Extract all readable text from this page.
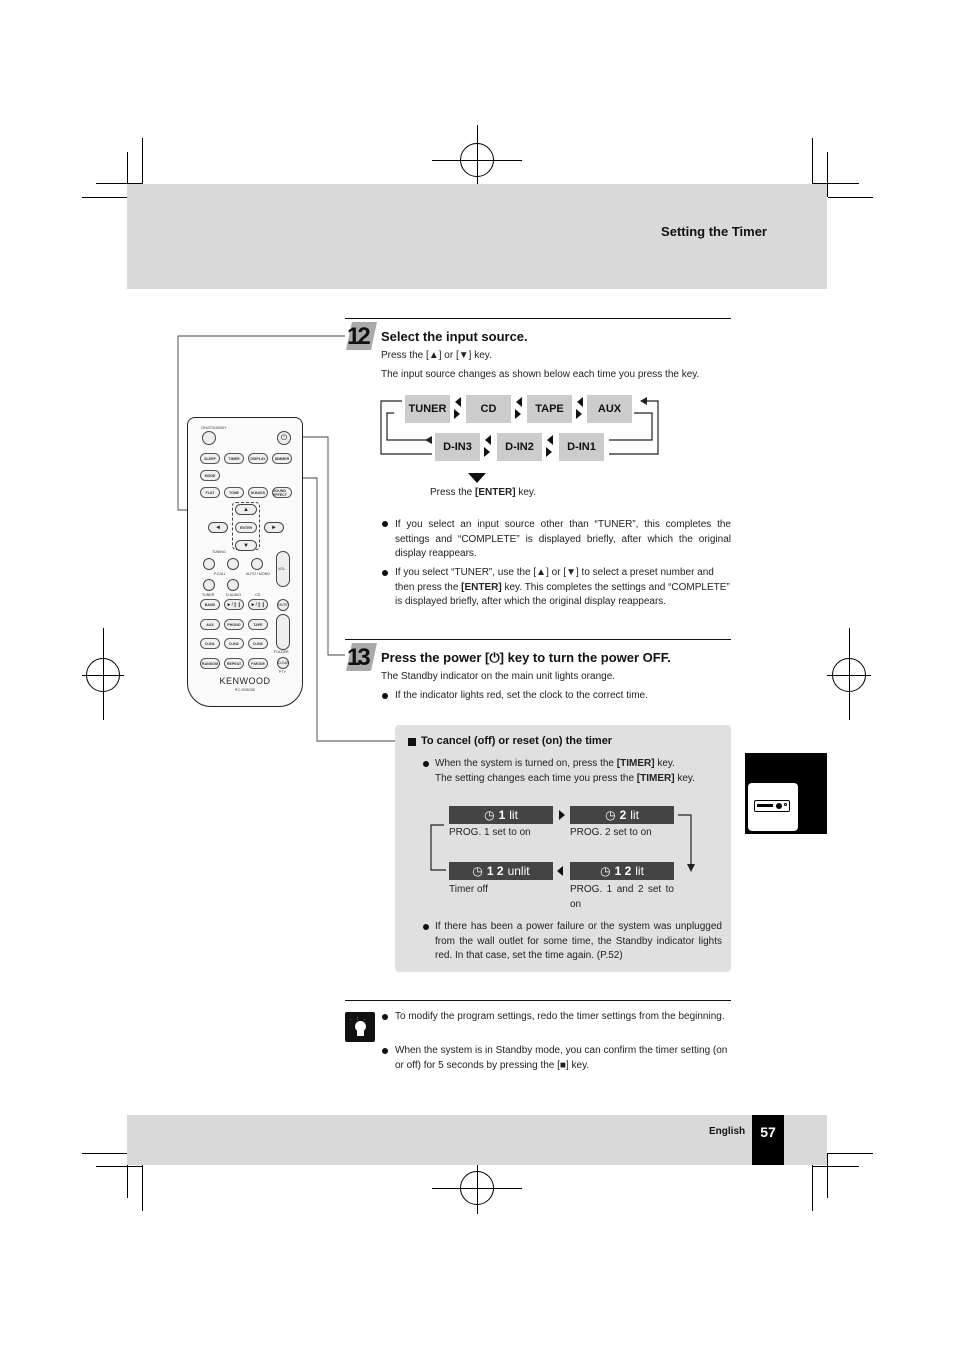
Setting the Timer
English	57
ON/STANDBY
⏻
SLEEP	TIMER	DISPLAY	DIMMER
MODE
FLAT	TONE	M.BASS	SOUND EFFECT
▲
ENTER
◄	►
▼
TUNING
VOL
P.CALL	AUTO / MONO
TUNER	D.AUDIO	CD
BAND	►/❙❙	►/❙❙	MUTE
AUX	PHONO	TAPE
D-IN1	D-IN2	D-IN3
FOLDER
RANDOM	REPEAT	P.MODE	CLEAR
PTY
KENWOOD
RC-R0805E
12 Select the input source.
Press the [▲] or [▼] key.
The input source changes as shown below each time you press the key.
TUNER	CD	TAPE	AUX
D-IN3	D-IN2	D-IN1
Press the [ENTER] key.
If you select an input source other than “TUNER”, this completes the settings and “COMPLETE” is displayed briefly, after which the original display reappears.
If you select “TUNER”, use the [▲] or [▼] to select a preset number and then press the [ENTER] key. This completes the settings and “COMPLETE” is displayed briefly, after which the original display reappears.
13 Press the power [⏻] key to turn the power OFF.
The Standby indicator on the main unit lights orange.
If the indicator lights red, set the clock to the correct time.
To cancel (off) or reset (on) the timer
When the system is turned on, press the [TIMER] key.
The setting changes each time you press the [TIMER] key.
◷ 1 lit	◷ 2 lit
PROG. 1 set to on	PROG. 2 set to on
◷ 1 2 unlit	◷ 1 2 lit
Timer off	PROG. 1 and 2 set to on
If there has been a power failure or the system was unplugged from the wall outlet for some time, the Standby indicator lights red. In that case, set the time again. (P.52)
. : .	To modify the program settings, redo the timer settings from the beginning.
When the system is in Standby mode, you can confirm the timer setting (on or off) for 5 seconds by pressing the [■] key.
